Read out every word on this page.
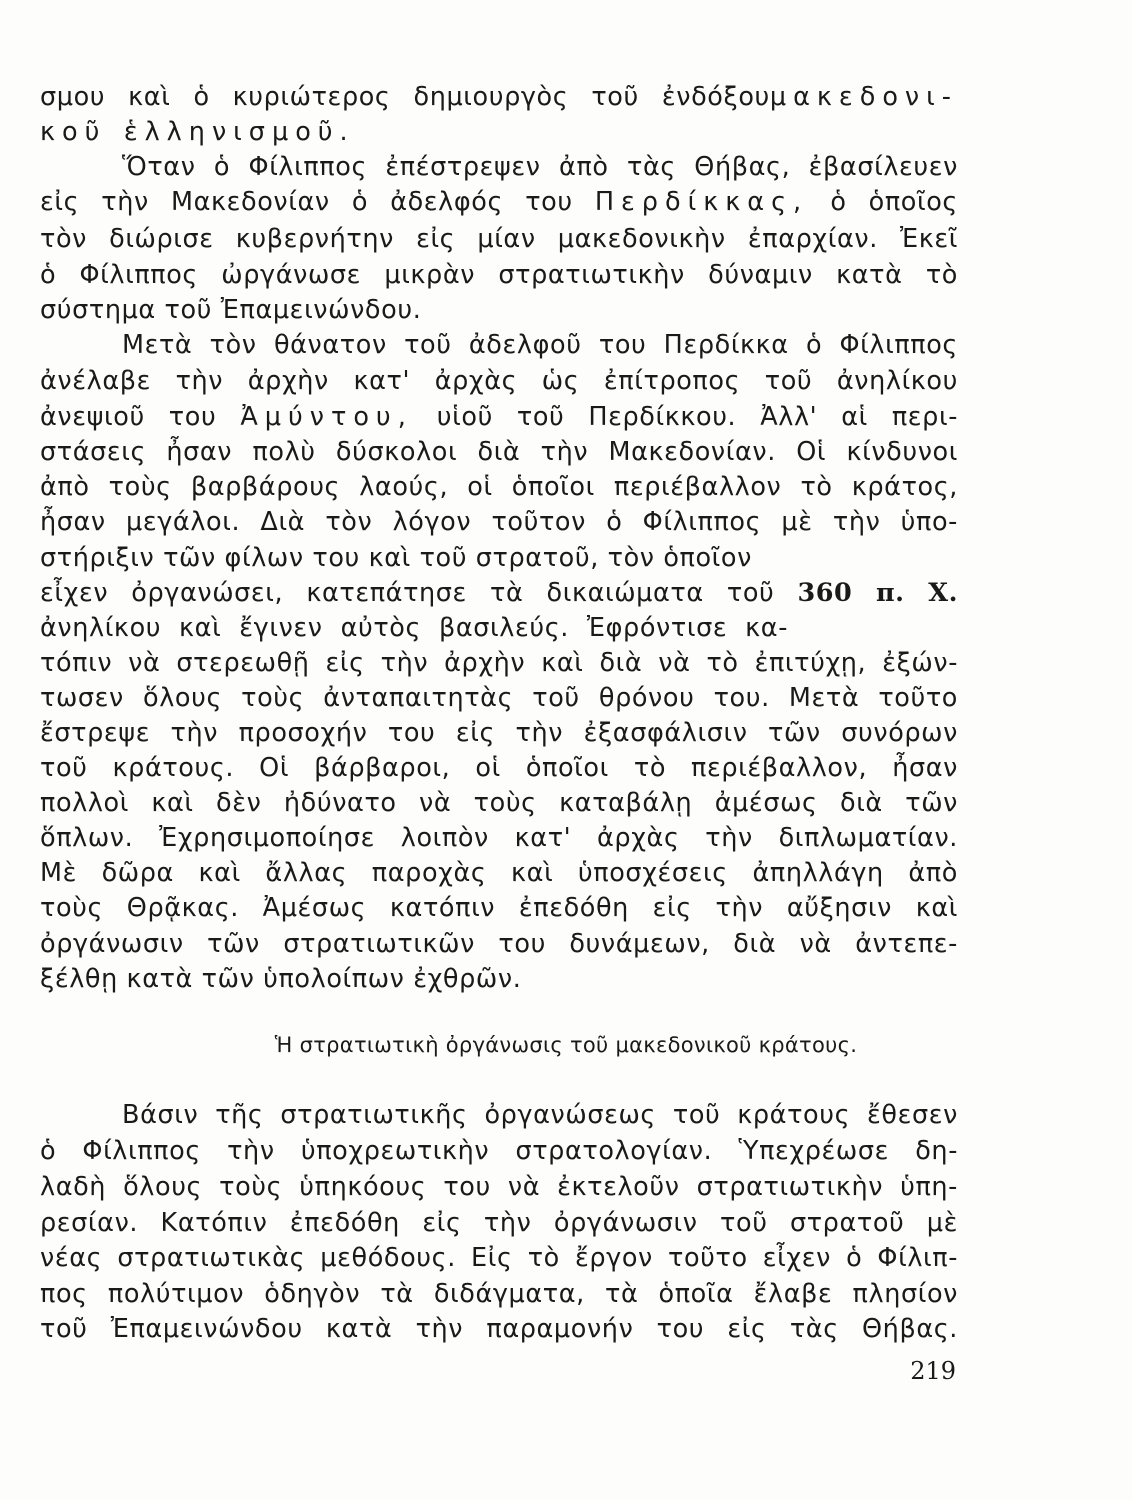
σμου καὶ ὁ κυριώτερος δημιουργὸς τοῦ ἐνδόξουμακεδονι-
κοῦ ἑλληνισμοῦ.
Ὅταν ὁ Φίλιππος ἐπέστρεψεν ἀπὸ τὰς Θήβας, ἐβασίλευεν
εἰς τὴν Μακεδονίαν ὁ ἀδελφός του Περδίκκας, ὁ ὁποῖος
τὸν διώρισε κυβερνήτην εἰς μίαν μακεδονικὴν ἐπαρχίαν. Ἐκεῖ
ὁ Φίλιππος ὠργάνωσε μικρὰν στρατιωτικὴν δύναμιν κατὰ τὸ
σύστημα τοῦ Ἐπαμεινώνδου.
Μετὰ τὸν θάνατον τοῦ ἀδελφοῦ του Περδίκκα ὁ Φίλιππος
ἀνέλαβε τὴν ἀρχὴν κατ' ἀρχὰς ὡς ἐπίτροπος τοῦ ἀνηλίκου
ἀνεψιοῦ του Ἀμύντου, υἱοῦ τοῦ Περδίκκου. Ἀλλ' αἱ περι-
στάσεις ἦσαν πολὺ δύσκολοι διὰ τὴν Μακεδονίαν. Οἱ κίνδυνοι
ἀπὸ τοὺς βαρβάρους λαούς, οἱ ὁποῖοι περιέβαλλον τὸ κράτος,
ἦσαν μεγάλοι. Διὰ τὸν λόγον τοῦτον ὁ Φίλιππος μὲ τὴν ὑπο-
στήριξιν τῶν φίλων του καὶ τοῦ στρατοῦ, τὸν ὁποῖον
εἶχεν ὀργανώσει, κατεπάτησε τὰ δικαιώματα τοῦ 360 π. Χ.
ἀνηλίκου καὶ ἔγινεν αὐτὸς βασιλεύς. Ἐφρόντισε κα-
τόπιν νὰ στερεωθῇ εἰς τὴν ἀρχὴν καὶ διὰ νὰ τὸ ἐπιτύχῃ, ἐξών-
τωσεν ὅλους τοὺς ἀνταπαιτητὰς τοῦ θρόνου του. Μετὰ τοῦτο
ἔστρεψε τὴν προσοχήν του εἰς τὴν ἐξασφάλισιν τῶν συνόρων
τοῦ κράτους. Οἱ βάρβαροι, οἱ ὁποῖοι τὸ περιέβαλλον, ἦσαν
πολλοὶ καὶ δὲν ἠδύνατο νὰ τοὺς καταβάλῃ ἀμέσως διὰ τῶν
ὅπλων. Ἐχρησιμοποίησε λοιπὸν κατ' ἀρχὰς τὴν διπλωματίαν.
Μὲ δῶρα καὶ ἄλλας παροχὰς καὶ ὑποσχέσεις ἀπηλλάγη ἀπὸ
τοὺς Θρᾷκας. Ἀμέσως κατόπιν ἐπεδόθη εἰς τὴν αὔξησιν καὶ
ὀργάνωσιν τῶν στρατιωτικῶν του δυνάμεων, διὰ νὰ ἀντεπε-
ξέλθῃ κατὰ τῶν ὑπολοίπων ἐχθρῶν.
Ἡ στρατιωτικὴ ὀργάνωσις τοῦ μακεδονικοῦ κράτους.
Βάσιν τῆς στρατιωτικῆς ὀργανώσεως τοῦ κράτους ἔθεσεν
ὁ Φίλιππος τὴν ὑποχρεωτικὴν στρατολογίαν. Ὑπεχρέωσε δη-
λαδὴ ὅλους τοὺς ὑπηκόους του νὰ ἐκτελοῦν στρατιωτικὴν ὑπη-
ρεσίαν. Κατόπιν ἐπεδόθη εἰς τὴν ὀργάνωσιν τοῦ στρατοῦ μὲ
νέας στρατιωτικὰς μεθόδους. Εἰς τὸ ἔργον τοῦτο εἶχεν ὁ Φίλιπ-
πος πολύτιμον ὁδηγὸν τὰ διδάγματα, τὰ ὁποῖα ἔλαβε πλησίον
τοῦ Ἐπαμεινώνδου κατὰ τὴν παραμονήν του εἰς τὰς Θήβας.
219
